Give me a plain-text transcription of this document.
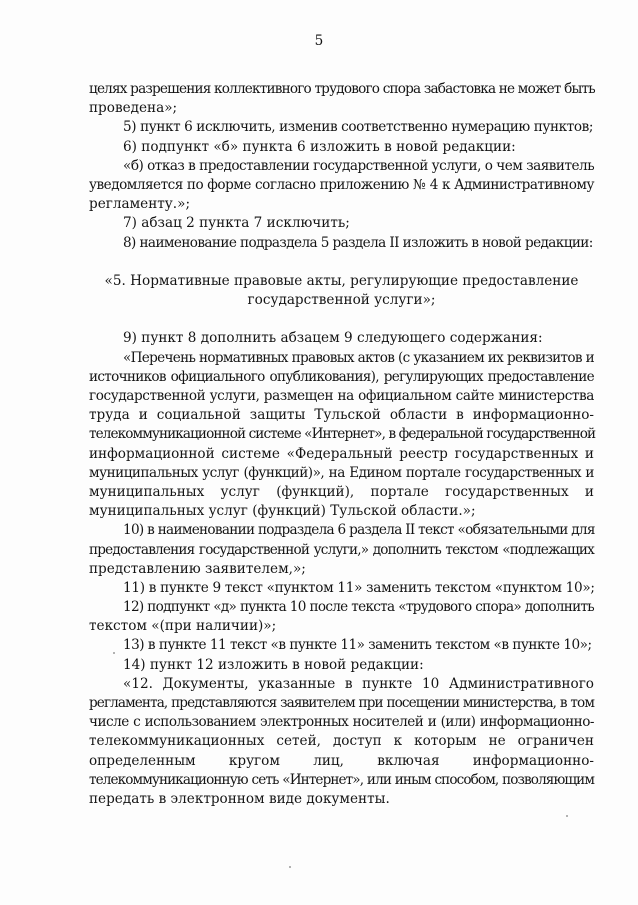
5
целях разрешения коллективного трудового спора забастовка не может быть
проведена»;
5) пункт 6 исключить, изменив соответственно нумерацию пунктов;
6) подпункт «б» пункта 6 изложить в новой редакции:
«б) отказ в предоставлении государственной услуги, о чем заявитель
уведомляется по форме согласно приложению № 4 к Административному
регламенту.»;
7) абзац 2 пункта 7 исключить;
8) наименование подраздела 5 раздела II изложить в новой редакции:
«5. Нормативные правовые акты, регулирующие предоставление
государственной услуги»;
9) пункт 8 дополнить абзацем 9 следующего содержания:
«Перечень нормативных правовых актов (с указанием их реквизитов и
источников официального опубликования), регулирующих предоставление
государственной услуги, размещен на официальном сайте министерства
труда и социальной защиты Тульской области в информационно-
телекоммуникационной системе «Интернет», в федеральной государственной
информационной системе «Федеральный реестр государственных и
муниципальных услуг (функций)», на Едином портале государственных и
муниципальных услуг (функций), портале государственных и
муниципальных услуг (функций) Тульской области.»;
10) в наименовании подраздела 6 раздела II текст «обязательными для
предоставления государственной услуги,» дополнить текстом «подлежащих
представлению заявителем,»;
11) в пункте 9 текст «пунктом 11» заменить текстом «пунктом 10»;
12) подпункт «д» пункта 10 после текста «трудового спора» дополнить
текстом «(при наличии)»;
13) в пункте 11 текст «в пункте 11» заменить текстом «в пункте 10»;
14) пункт 12 изложить в новой редакции:
«12. Документы, указанные в пункте 10 Административного
регламента, представляются заявителем при посещении министерства, в том
числе с использованием электронных носителей и (или) информационно-
телекоммуникационных сетей, доступ к которым не ограничен
определенным кругом лиц, включая информационно-
телекоммуникационную сеть «Интернет», или иным способом, позволяющим
передать в электронном виде документы.
